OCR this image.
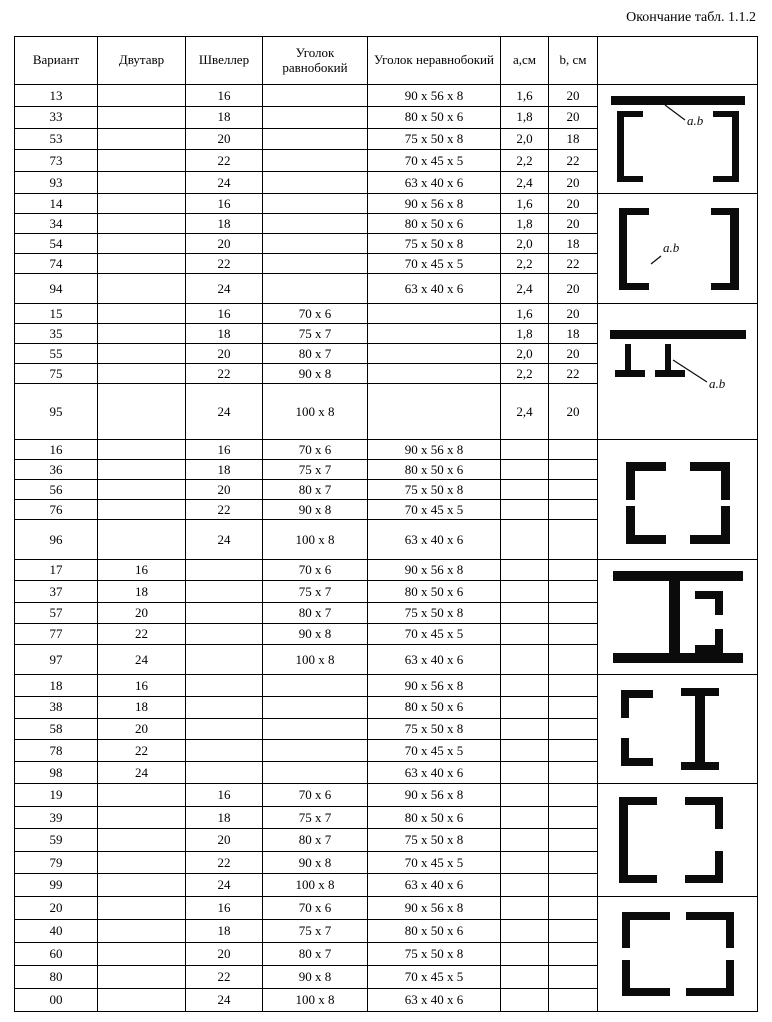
Окончание табл. 1.1.2
Вариант	Двутавр	Швеллер	Уголок равнобокий	Уголок неравнобокий	а,см	b, см	
13		16		90 x 56 x 8	1,6	20	a.b

33		18		80 x 50 x 6	1,8	20	
53		20		75 x 50 x 8	2,0	18	
73		22		70 x 45 x 5	2,2	22	
93		24		63 x 40 x 6	2,4	20	
14		16		90 x 56 x 8	1,6	20	a.b

34		18		80 x 50 x 6	1,8	20	
54		20		75 x 50 x 8	2,0	18	
74		22		70 x 45 x 5	2,2	22	
94		24		63 x 40 x 6	2,4	20	
15		16	70 x 6		1,6	20	a.b

35		18	75 x 7		1,8	18	
55		20	80 x 7		2,0	20	
75		22	90 x 8		2,2	22	
95		24	100 x 8		2,4	20	
16		16	70 x 6	90 x 56 x 8			

36		18	75 x 7	80 x 50 x 6			
56		20	80 x 7	75 x 50 x 8			
76		22	90 x 8	70 x 45 x 5			
96		24	100 x 8	63 x 40 x 6			
17	16		70 x 6	90 x 56 x 8			

37	18		75 x 7	80 x 50 x 6			
57	20		80 x 7	75 x 50 x 8			
77	22		90 x 8	70 x 45 x 5			
97	24		100 x 8	63 x 40 x 6			
18	16			90 x 56 x 8			

38	18			80 x 50 x 6			
58	20			75 x 50 x 8			
78	22			70 x 45 x 5			
98	24			63 x 40 x 6			
19		16	70 x 6	90 x 56 x 8			

39		18	75 x 7	80 x 50 x 6			
59		20	80 x 7	75 x 50 x 8			
79		22	90 x 8	70 x 45 x 5			
99		24	100 x 8	63 x 40 x 6			
20		16	70 x 6	90 x 56 x 8			

40		18	75 x 7	80 x 50 x 6			
60		20	80 x 7	75 x 50 x 8			
80		22	90 x 8	70 x 45 x 5			
00		24	100 x 8	63 x 40 x 6			
